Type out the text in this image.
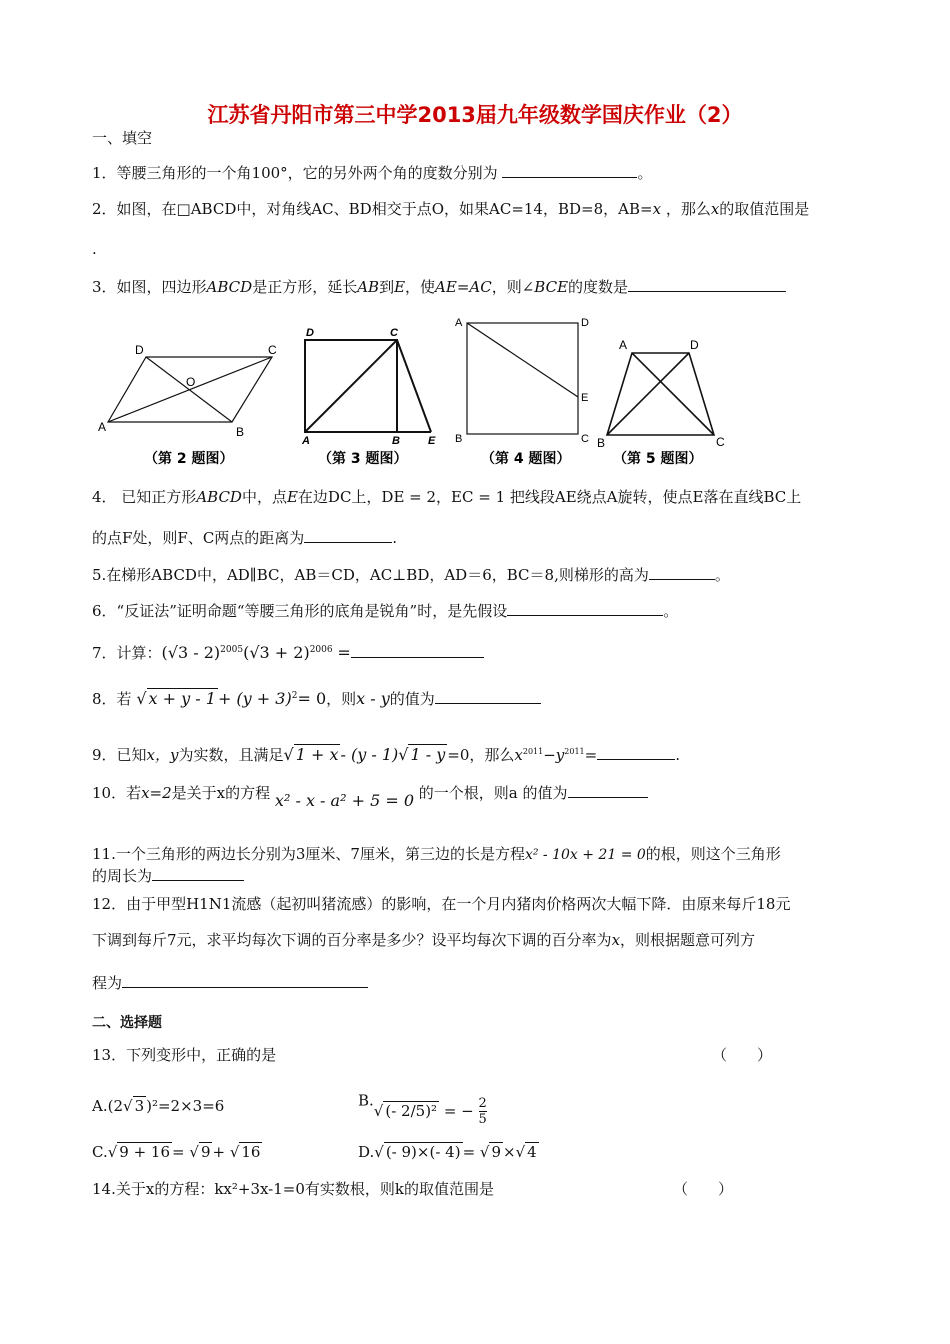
江苏省丹阳市第三中学2013届九年级数学国庆作业（2）
一、填空
1．等腰三角形的一个角100°，它的另外两个角的度数分别为	。
2．如图，在□ABCD中，对角线AC、BD相交于点O，如果AC=14，BD=8，AB=x ，那么x的取值范围是
.
3．如图，四边形ABCD是正方形，延长AB到E，使AE=AC，则∠BCE的度数是
D	C
A	B
O
（第 2 题图）
D	C
A	B	E
（第 3 题图）
A	D
E
B	C
（第 4 题图）
A	D
B	C
（第 5 题图）
4． 已知正方形ABCD中，点E在边DC上，DE = 2，EC = 1 把线段AE绕点A旋转，使点E落在直线BC上
的点F处，则F、C两点的距离为	.
5.在梯形ABCD中，AD∥BC，AB＝CD，AC⊥BD，AD＝6，BC＝8,则梯形的高为	。
6．“反证法”证明命题“等腰三角形的底角是锐角”时，是先假设	。
7．计算：$(√3 - 2)^{2005}(√3 + 2)^{2006}$ =
8．若 √ $x + y - 1 + (y + 3)^2= 0$，则x - y的值为
9．已知x，y为实数，且满足√ 1 + x - (y - 1)√ 1 - y =0，那么$x^{2011}-y^{2011}=$	.
10．若x=2是关于x的方程 x² - x - a² + 5 = 0 的一个根，则a 的值为
11.一个三角形的两边长分别为3厘米、7厘米，第三边的长是方程x² - 10x + 21 = 0的根，则这个三角形
的周长为
12．由于甲型H1N1流感（起初叫猪流感）的影响，在一个月内猪肉价格两次大幅下降．由原来每斤18元
下调到每斤7元，求平均每次下调的百分率是多少？设平均每次下调的百分率为x，则根据题意可列方
程为
二、选择题
13．下列变形中，正确的是	（　　）
A.(2√ 3 )²=2×3=6	B.√ (- 2/5)² = − $\frac{2}{5}$
C.√ 9 + 16 = √ 9 + √ 16	D.√ (- 9)×(- 4) = √ 9 ×√ 4
14.关于x的方程：kx²+3x-1=0有实数根，则k的取值范围是	（　　）
